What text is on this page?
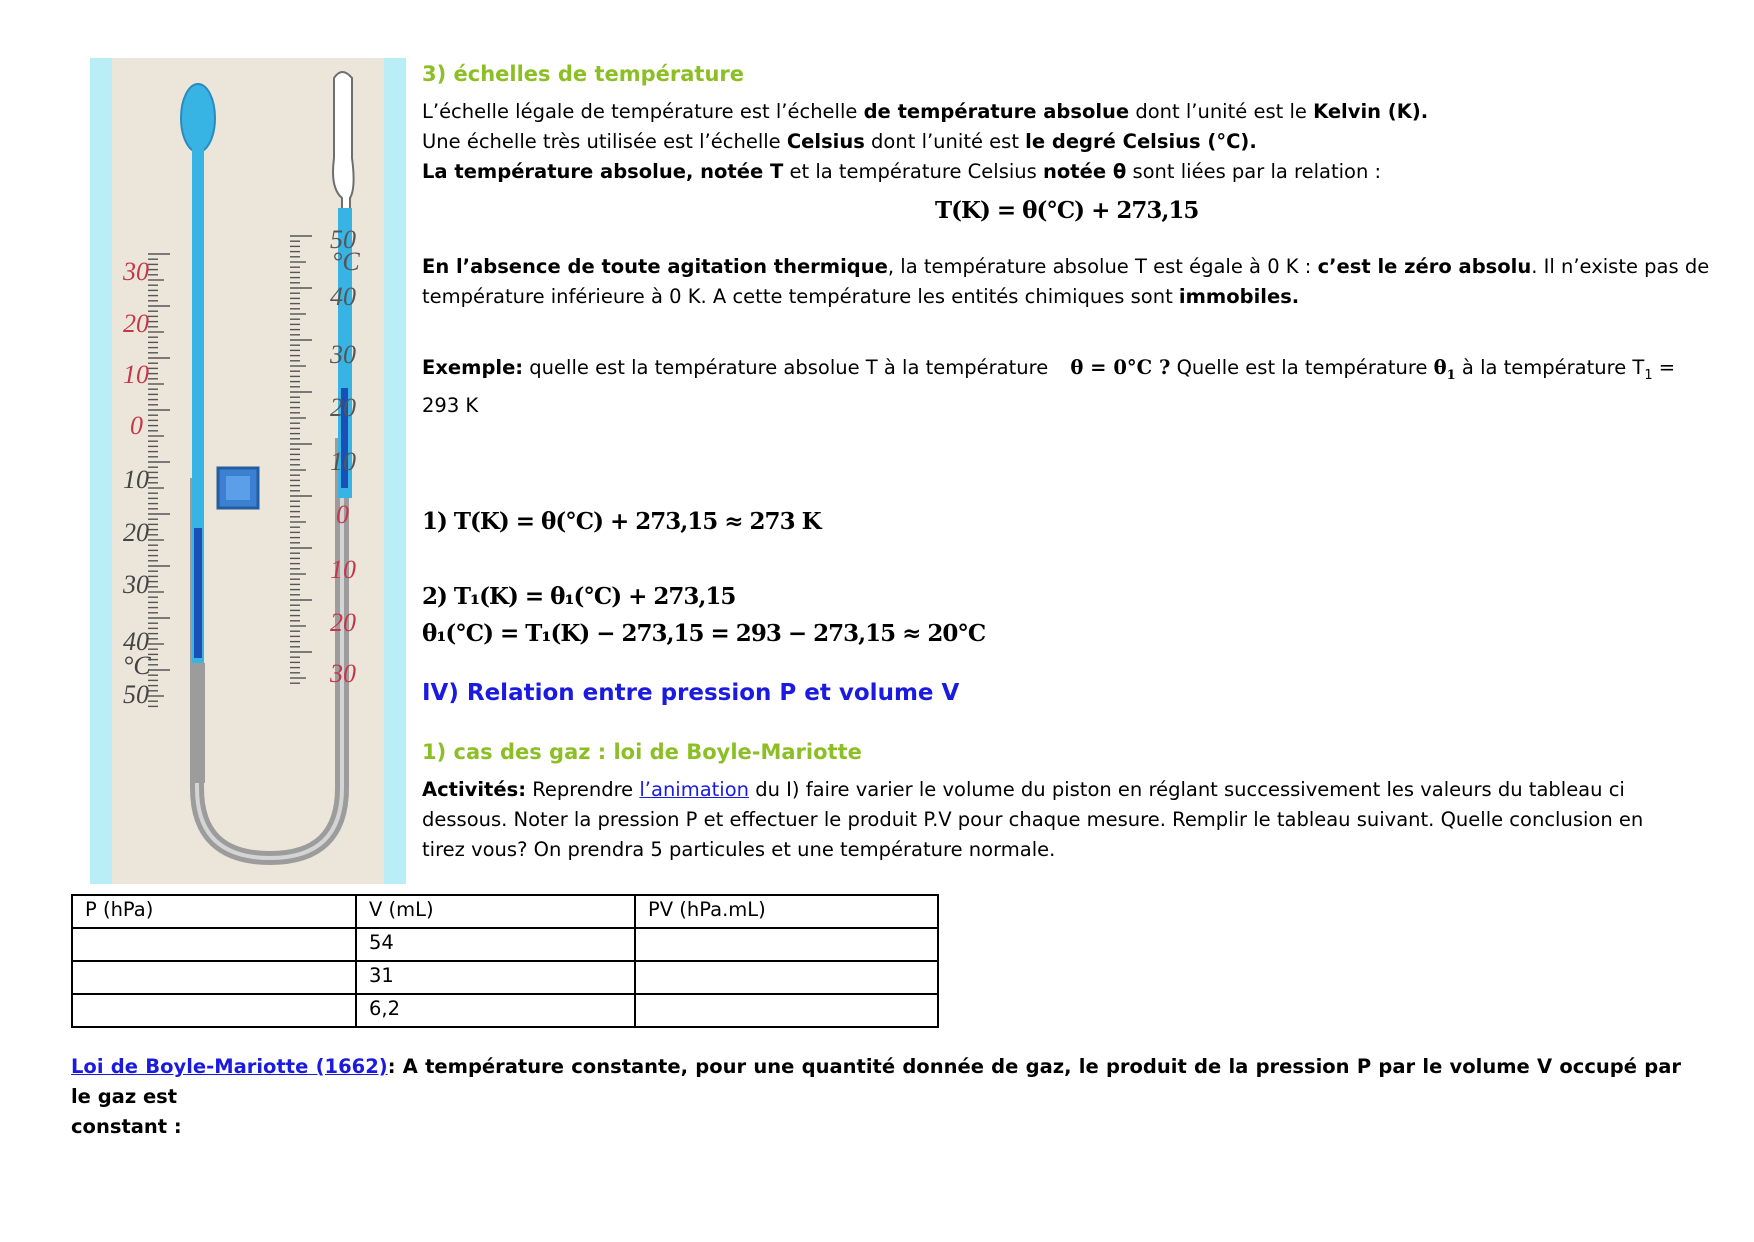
30
20
10
0
10
20
30
40
°C
50
50
°C
40
30
20
10
0
10
20
30
3) échelles de température
L’échelle légale de température est l’échelle de température absolue dont l’unité est le Kelvin (K).
Une échelle très utilisée est l’échelle Celsius dont l’unité est le degré Celsius (°C).
La température absolue, notée T et la température Celsius notée θ sont liées par la relation :
T(K) = θ(°C) + 273,15
En l’absence de toute agitation thermique, la température absolue T est égale à 0 K : c’est le zéro absolu. Il n’existe pas de
température inférieure à 0 K. A cette température les entités chimiques sont immobiles.
Exemple: quelle est la température absolue T à la température θ = 0°C ? Quelle est la température $\theta_1$ à la température $T_1$ =
293 K
1) T(K) = θ(°C) + 273,15 ≈ 273 K
2) T₁(K) = θ₁(°C) + 273,15
θ₁(°C) = T₁(K) − 273,15 = 293 − 273,15 ≈ 20°C
IV) Relation entre pression P et volume V
1) cas des gaz : loi de Boyle-Mariotte
Activités: Reprendre l’animation du I) faire varier le volume du piston en réglant successivement les valeurs du tableau ci
dessous. Noter la pression P et effectuer le produit P.V pour chaque mesure. Remplir le tableau suivant. Quelle conclusion en
tirez vous? On prendra 5 particules et une température normale.
P (hPa)	V (mL)	PV (hPa.mL)
	54	
	31	
	6,2	
Loi de Boyle-Mariotte (1662): A température constante, pour une quantité donnée de gaz, le produit de la pression P par le volume V occupé par le gaz est
constant :
